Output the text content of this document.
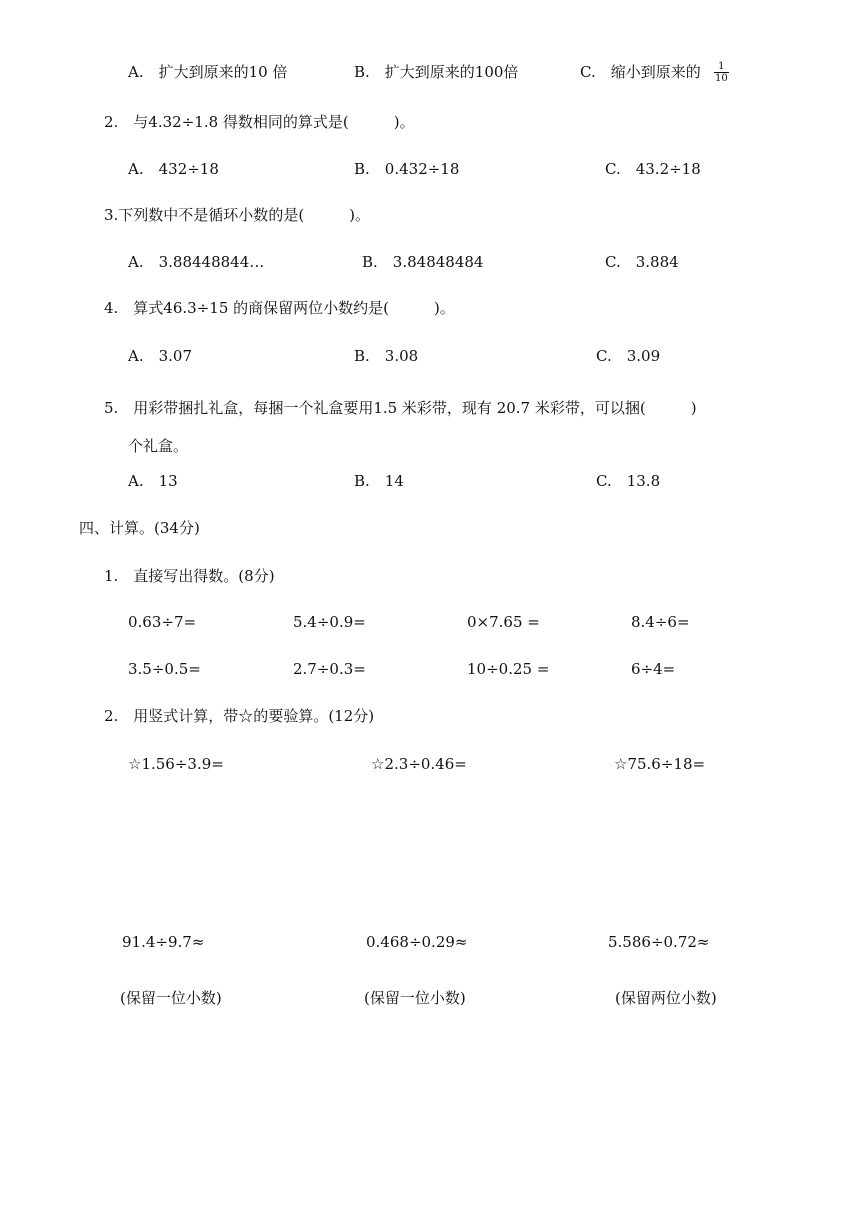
A.　扩大到原来的10 倍	B.　扩大到原来的100倍	C.　缩小到原来的 1
10
2.　与4.32÷1.8 得数相同的算式是(　　　)。
A.　432÷18	B.　0.432÷18	C.　43.2÷18
3.下列数中不是循环小数的是(　　　)。
A.　3.88448844…	B.　3.84848484	C.　3.884
4.　算式46.3÷15 的商保留两位小数约是(　　　)。
A.　3.07	B.　3.08	C.　3.09
5.　用彩带捆扎礼盒，每捆一个礼盒要用1.5 米彩带，现有 20.7 米彩带，可以捆(　　　)
个礼盒。
A.　13	B.　14	C.　13.8
四、计算。(34分)
1.　直接写出得数。(8分)
0.63÷7=	5.4÷0.9=	0×7.65 =	8.4÷6=
3.5÷0.5=	2.7÷0.3=	10÷0.25 =	6÷4=
2.　用竖式计算，带☆的要验算。(12分)
☆1.56÷3.9=	☆2.3÷0.46=	☆75.6÷18=
91.4÷9.7≈	0.468÷0.29≈	5.586÷0.72≈
(保留一位小数)	(保留一位小数)	(保留两位小数)
